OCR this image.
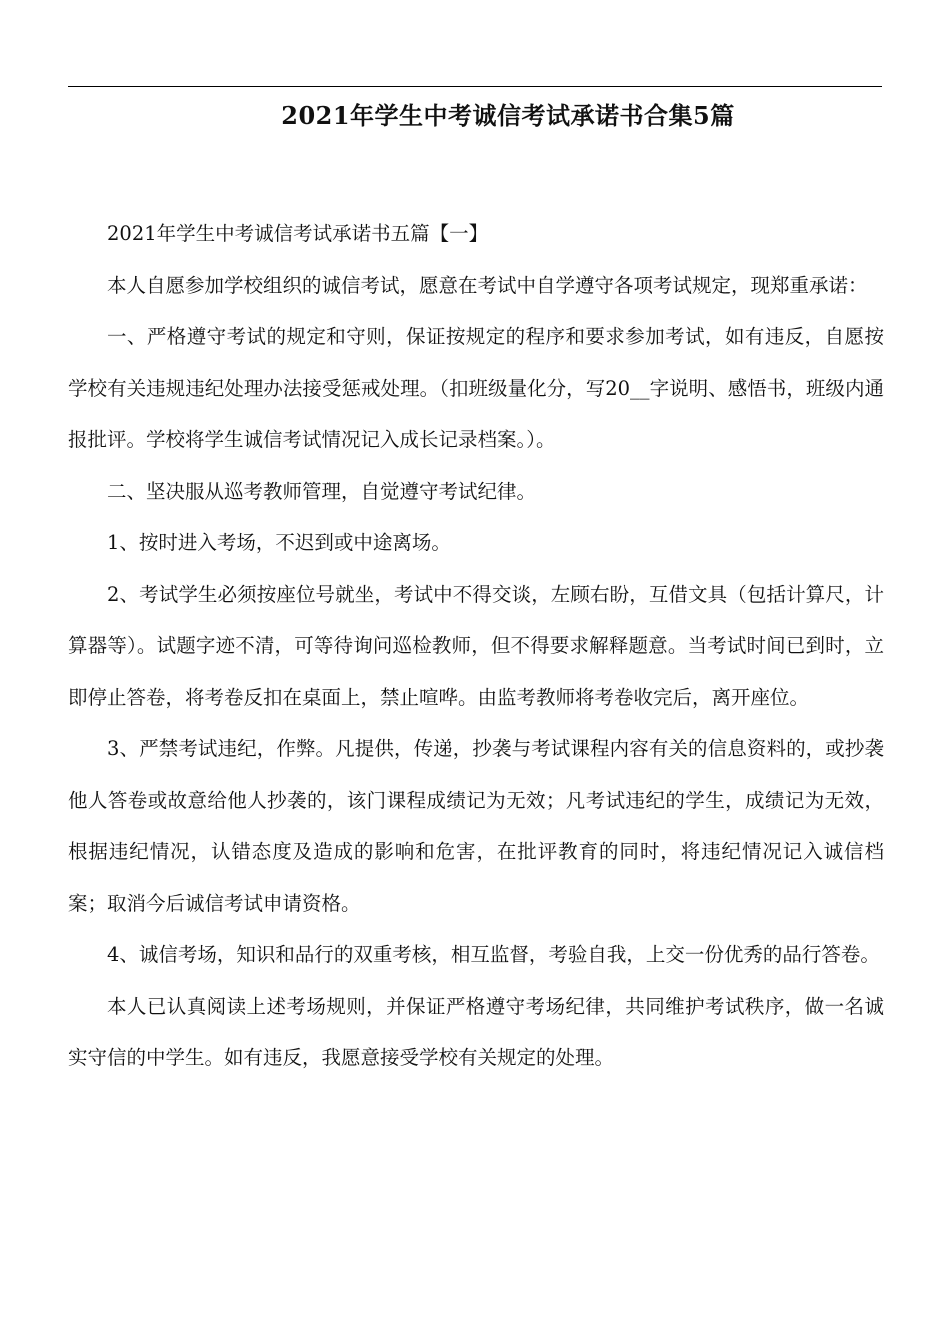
2021年学生中考诚信考试承诺书合集5篇

2021年学生中考诚信考试承诺书五篇【一】

本人自愿参加学校组织的诚信考试，愿意在考试中自学遵守各项考试规定，现郑重承诺：

一、严格遵守考试的规定和守则，保证按规定的程序和要求参加考试，如有违反，自愿按学校有关违规违纪处理办法接受惩戒处理。（扣班级量化分，写20__字说明、感悟书，班级内通报批评。学校将学生诚信考试情况记入成长记录档案。）。

二、坚决服从巡考教师管理，自觉遵守考试纪律。

1、按时进入考场，不迟到或中途离场。

2、考试学生必须按座位号就坐，考试中不得交谈，左顾右盼，互借文具（包括计算尺，计算器等）。试题字迹不清，可等待询问巡检教师，但不得要求解释题意。当考试时间已到时，立即停止答卷，将考卷反扣在桌面上，禁止喧哗。由监考教师将考卷收完后，离开座位。

3、严禁考试违纪，作弊。凡提供，传递，抄袭与考试课程内容有关的信息资料的，或抄袭他人答卷或故意给他人抄袭的，该门课程成绩记为无效；凡考试违纪的学生，成绩记为无效，根据违纪情况，认错态度及造成的影响和危害，在批评教育的同时，将违纪情况记入诚信档案；取消今后诚信考试申请资格。

4、诚信考场，知识和品行的双重考核，相互监督，考验自我，上交一份优秀的品行答卷。

本人已认真阅读上述考场规则，并保证严格遵守考场纪律，共同维护考试秩序，做一名诚实守信的中学生。如有违反，我愿意接受学校有关规定的处理。
